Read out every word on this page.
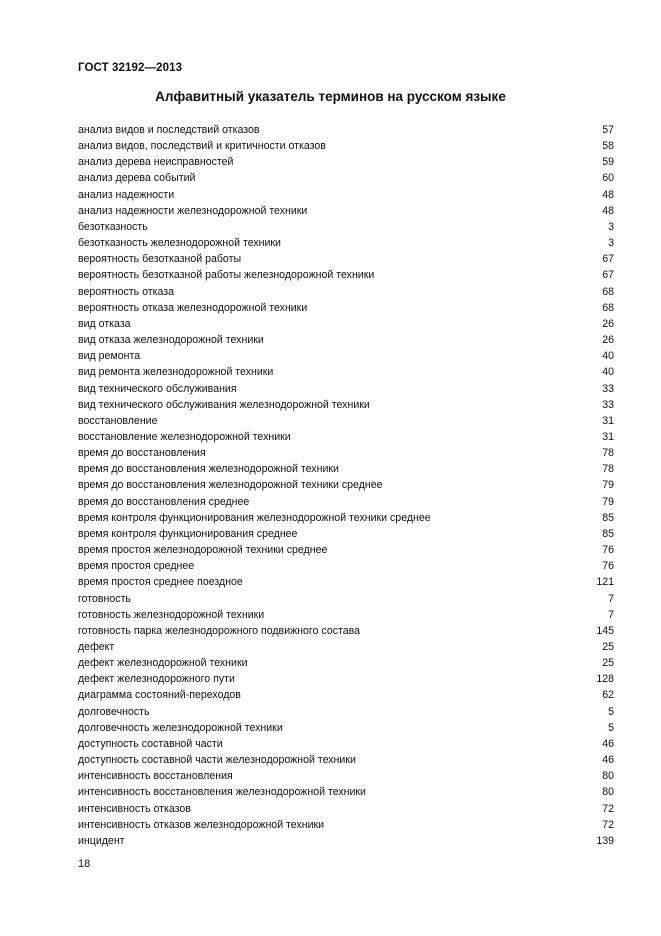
ГОСТ 32192—2013
Алфавитный указатель терминов на русском языке
анализ видов и последствий отказов	57
анализ видов, последствий и критичности отказов	58
анализ дерева неисправностей	59
анализ дерева событий	60
анализ надежности	48
анализ надежности железнодорожной техники	48
безотказность	3
безотказность железнодорожной техники	3
вероятность безотказной работы	67
вероятность безотказной работы железнодорожной техники	67
вероятность отказа	68
вероятность отказа железнодорожной техники	68
вид отказа	26
вид отказа железнодорожной техники	26
вид ремонта	40
вид ремонта железнодорожной техники	40
вид технического обслуживания	33
вид технического обслуживания железнодорожной техники	33
восстановление	31
восстановление железнодорожной техники	31
время до восстановления	78
время до восстановления железнодорожной техники	78
время до восстановления железнодорожной техники среднее	79
время до восстановления среднее	79
время контроля функционирования железнодорожной техники среднее	85
время контроля функционирования среднее	85
время простоя железнодорожной техники среднее	76
время простоя среднее	76
время простоя среднее поездное	121
готовность	7
готовность железнодорожной техники	7
готовность парка железнодорожного подвижного состава	145
дефект	25
дефект железнодорожной техники	25
дефект железнодорожного пути	128
диаграмма состояний-переходов	62
долговечность	5
долговечность железнодорожной техники	5
доступность составной части	46
доступность составной части железнодорожной техники	46
интенсивность восстановления	80
интенсивность восстановления железнодорожной техники	80
интенсивность отказов	72
интенсивность отказов железнодорожной техники	72
инцидент	139
18
